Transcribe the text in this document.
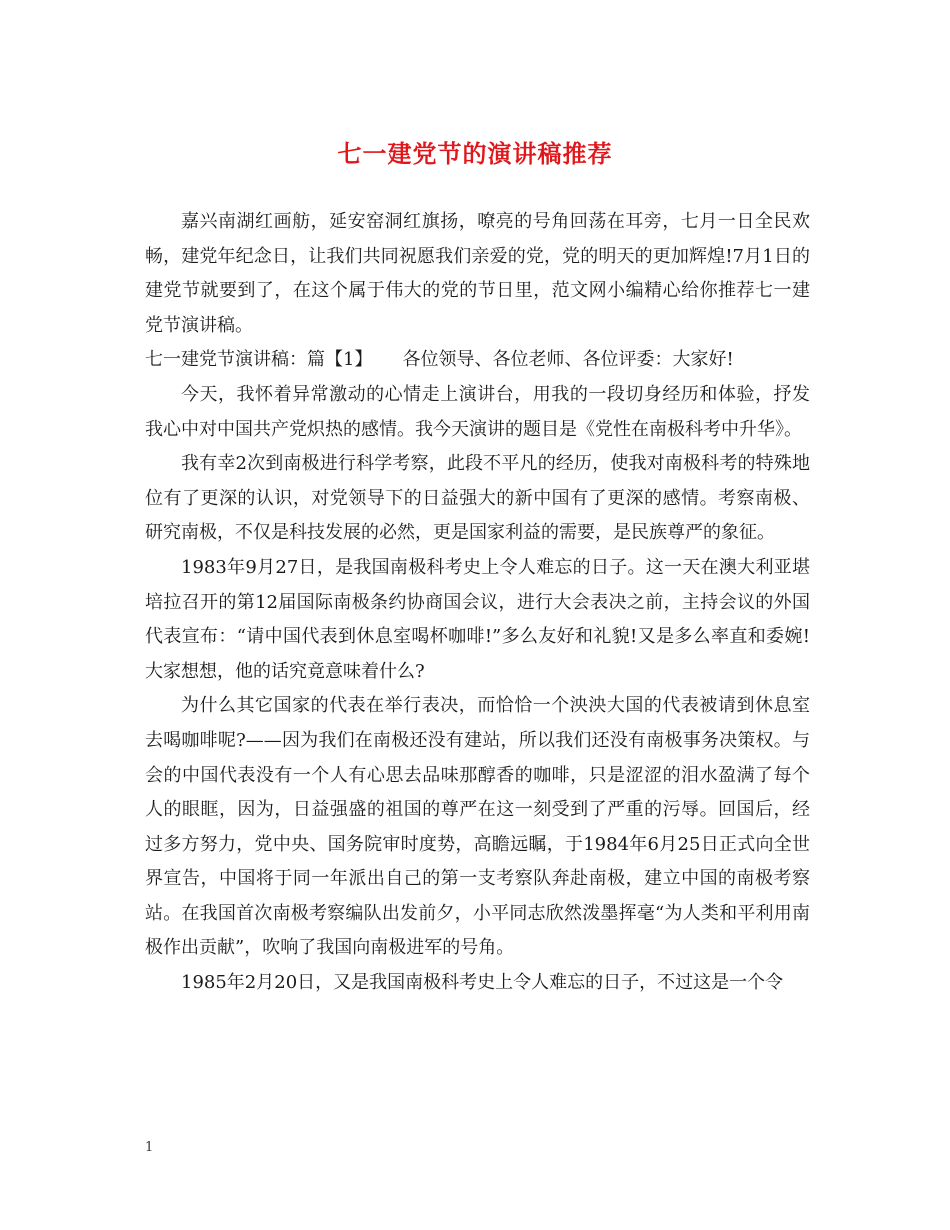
七一建党节的演讲稿推荐

嘉兴南湖红画舫，延安窑洞红旗扬，嘹亮的号角回荡在耳旁，七月一日全民欢畅，建党年纪念日，让我们共同祝愿我们亲爱的党，党的明天的更加辉煌!7月1日的建党节就要到了，在这个属于伟大的党的节日里，范文网小编精心给你推荐七一建党节演讲稿。

七一建党节演讲稿：篇【1】 各位领导、各位老师、各位评委：大家好!

今天，我怀着异常激动的心情走上演讲台，用我的一段切身经历和体验，抒发我心中对中国共产党炽热的感情。我今天演讲的题目是《党性在南极科考中升华》。

我有幸2次到南极进行科学考察，此段不平凡的经历，使我对南极科考的特殊地位有了更深的认识，对党领导下的日益强大的新中国有了更深的感情。考察南极、研究南极，不仅是科技发展的必然，更是国家利益的需要，是民族尊严的象征。

1983年9月27日，是我国南极科考史上令人难忘的日子。这一天在澳大利亚堪培拉召开的第12届国际南极条约协商国会议，进行大会表决之前，主持会议的外国代表宣布：“请中国代表到休息室喝杯咖啡!”多么友好和礼貌!又是多么率直和委婉!大家想想，他的话究竟意味着什么?

为什么其它国家的代表在举行表决，而恰恰一个泱泱大国的代表被请到休息室去喝咖啡呢?——因为我们在南极还没有建站，所以我们还没有南极事务决策权。与会的中国代表没有一个人有心思去品味那醇香的咖啡，只是涩涩的泪水盈满了每个人的眼眶，因为，日益强盛的祖国的尊严在这一刻受到了严重的污辱。回国后，经过多方努力，党中央、国务院审时度势，高瞻远瞩，于1984年6月25日正式向全世界宣告，中国将于同一年派出自己的第一支考察队奔赴南极，建立中国的南极考察站。在我国首次南极考察编队出发前夕，小平同志欣然泼墨挥毫“为人类和平利用南极作出贡献”，吹响了我国向南极进军的号角。

1985年2月20日，又是我国南极科考史上令人难忘的日子，不过这是一个令

1
